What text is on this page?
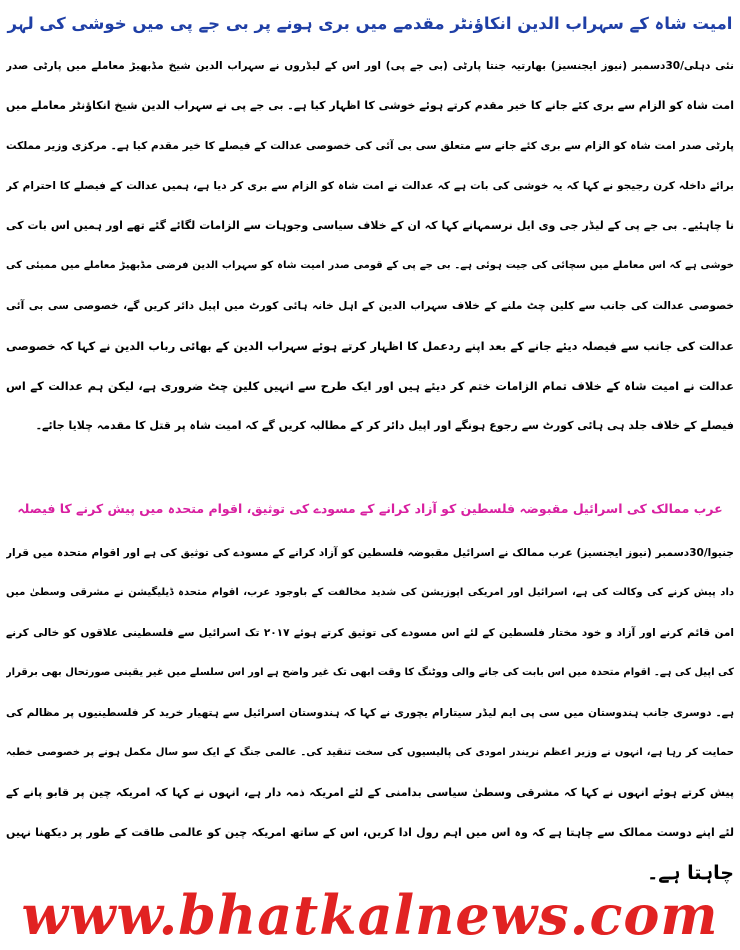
امیت شاہ کے سہراب الدین انکاؤنٹر مقدمے میں بری ہونے پر بی جے پی میں خوشی کی لہر
نئی دہلی/30دسمبر (نیوز ایجنسیز) بھارتیہ جنتا پارٹی (بی جے پی) اور اس کے لیڈروں نے سہراب الدین شیخ مڈبھیڑ معاملے میں پارٹی صدر
امت شاہ کو الزام سے بری کئے جانے کا خیر مقدم کرتے ہوئے خوشی کا اظہار کیا ہے۔ بی جے پی نے سہراب الدین شیخ انکاؤنٹر معاملے میں
پارٹی صدر امت شاہ کو الزام سے بری کئے جانے سے متعلق سی بی آئی کی خصوصی عدالت کے فیصلے کا خیر مقدم کیا ہے۔ مرکزی وزیر مملکت
برائے داخلہ کرن رجیجو نے کہا کہ یہ خوشی کی بات ہے کہ عدالت نے امت شاہ کو الزام سے بری کر دیا ہے، ہمیں عدالت کے فیصلے کا احترام کر
نا چاہئیے۔ بی جے پی کے لیڈر جی وی ایل نرسمہانے کہا کہ ان کے خلاف سیاسی وجوہات سے الزامات لگائے گئے تھے اور ہمیں اس بات کی
خوشی ہے کہ اس معاملے میں سچائی کی جیت ہوئی ہے۔ بی جے پی کے قومی صدر امیت شاہ کو سہراب الدین فرضی مڈبھیڑ معاملے میں ممبئی کی
خصوصی عدالت کی جانب سے کلین چٹ ملنے کے خلاف سہراب الدین کے اہل خانہ ہائی کورٹ میں اپیل دائر کریں گے، خصوصی سی بی آئی
عدالت کی جانب سے فیصلہ دیئے جانے کے بعد اپنے ردعمل کا اظہار کرتے ہوئے سہراب الدین کے بھائی رباب الدین نے کہا کہ خصوصی
عدالت نے امیت شاہ کے خلاف تمام الزامات ختم کر دیئے ہیں اور ایک طرح سے انہیں کلین چٹ ضروری ہے، لیکن ہم عدالت کے اس
فیصلے کے خلاف جلد ہی ہائی کورٹ سے رجوع ہونگے اور اپیل دائر کر کے مطالبہ کریں گے کہ امیت شاہ پر قتل کا مقدمہ چلایا جائے۔
عرب ممالک کی اسرائیل مقبوضہ فلسطین کو آزاد کرانے کے مسودے کی توثیق، اقوام متحدہ میں پیش کرنے کا فیصلہ
جنیوا/30دسمبر (نیوز ایجنسیز) عرب ممالک نے اسرائیل مقبوضہ فلسطین کو آزاد کرانے کے مسودے کی توثیق کی ہے اور اقوام متحدہ میں قرار
داد پیش کرنے کی وکالت کی ہے، اسرائیل اور امریکی اپوزیشن کی شدید مخالفت کے باوجود عرب، اقوام متحدہ ڈیلیگیشن نے مشرقی وسطیٰ میں
امن قائم کرنے اور آزاد و خود مختار فلسطین کے لئے اس مسودے کی توثیق کرتے ہوئے ۲۰۱۷ تک اسرائیل سے فلسطینی علاقوں کو خالی کرنے
کی اپیل کی ہے۔ اقوام متحدہ میں اس بابت کی جانے والی ووٹنگ کا وقت ابھی تک غیر واضح ہے اور اس سلسلے میں غیر یقینی صورتحال بھی برقرار
ہے۔ دوسری جانب ہندوستان میں سی پی ایم لیڈر سیتارام یچوری نے کہا کہ ہندوستان اسرائیل سے ہتھیار خرید کر فلسطینیوں پر مظالم کی
حمایت کر رہا ہے، انہوں نے وزیر اعظم نریندر امودی کی پالیسیوں کی سخت تنقید کی۔ عالمی جنگ کے ایک سو سال مکمل ہونے پر خصوصی خطبہ
پیش کرتے ہوئے انہوں نے کہا کہ مشرقی وسطیٰ سیاسی بدامنی کے لئے امریکہ ذمہ دار ہے، انہوں نے کہا کہ امریکہ چین پر قابو پانے کے
لئے اپنے دوست ممالک سے چاہتا ہے کہ وہ اس میں اہم رول ادا کریں، اس کے ساتھ امریکہ چین کو عالمی طاقت کے طور پر دیکھنا نہیں
چاہتا ہے۔
www.bhatkalnews.com
